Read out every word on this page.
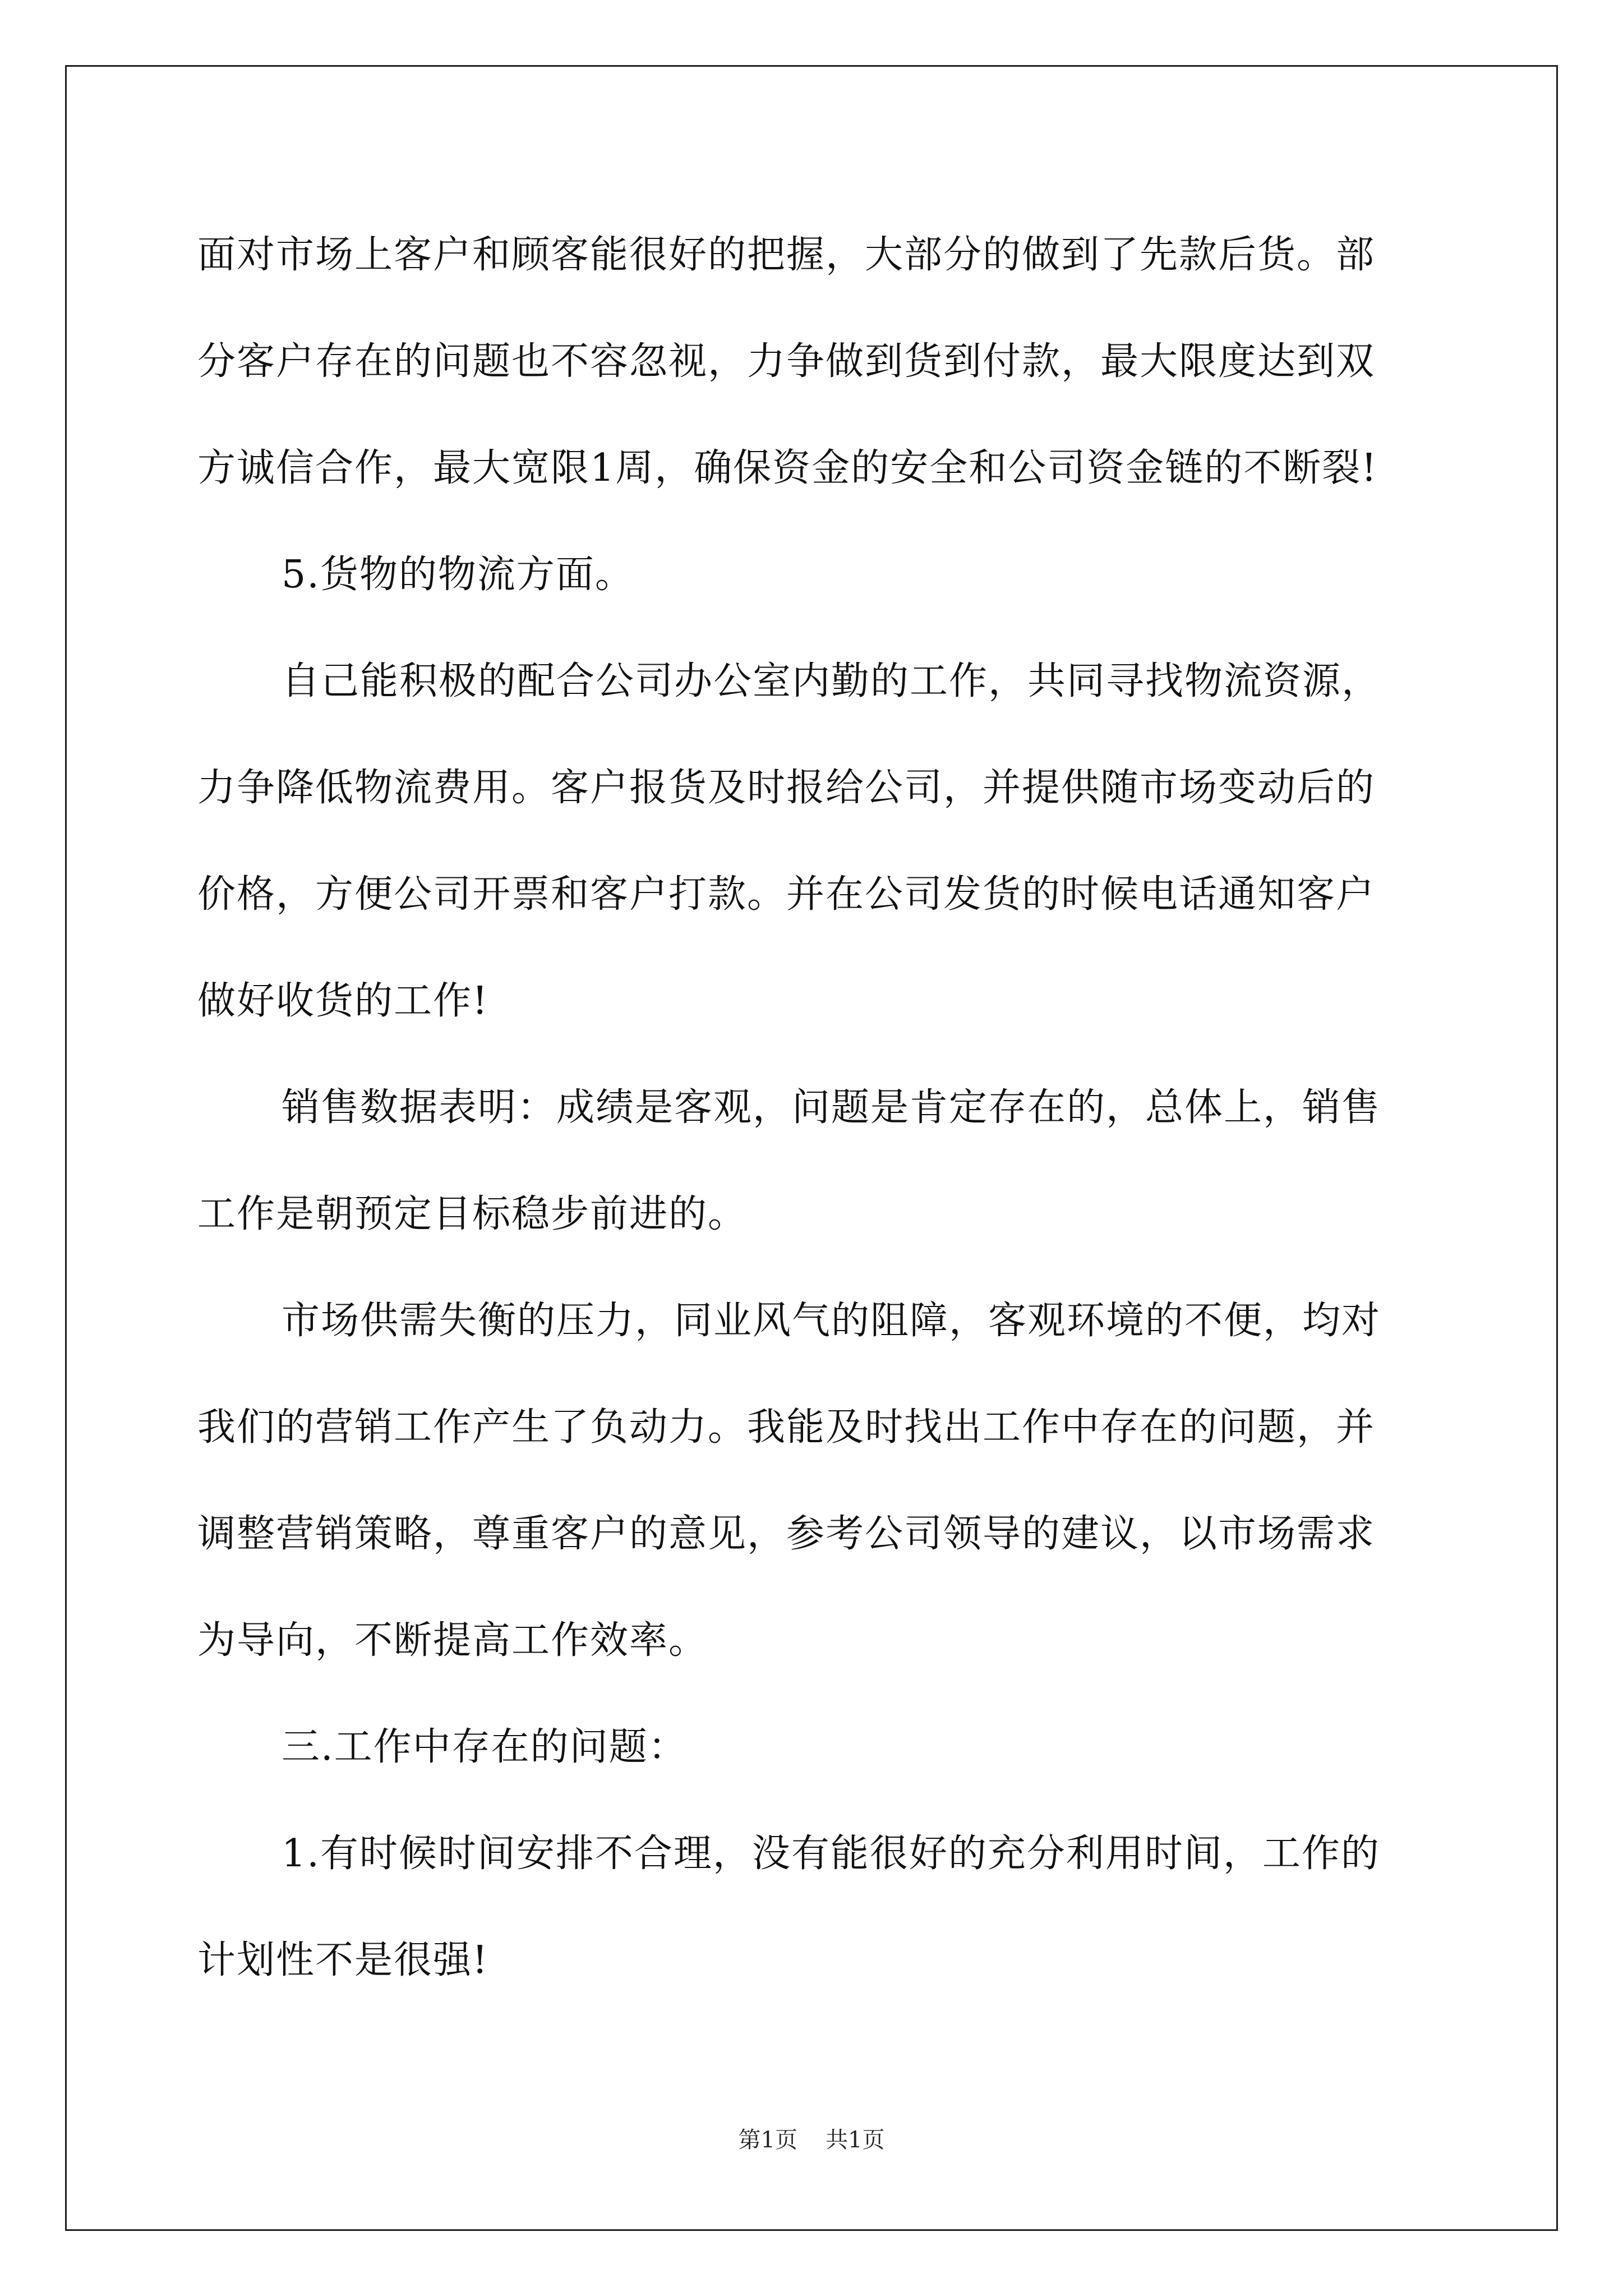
面对市场上客户和顾客能很好的把握，大部分的做到了先款后货。部
分客户存在的问题也不容忽视，力争做到货到付款，最大限度达到双
方诚信合作，最大宽限1周，确保资金的安全和公司资金链的不断裂!
5.货物的物流方面。
自己能积极的配合公司办公室内勤的工作，共同寻找物流资源，
力争降低物流费用。客户报货及时报给公司，并提供随市场变动后的
价格，方便公司开票和客户打款。并在公司发货的时候电话通知客户
做好收货的工作!
销售数据表明：成绩是客观，问题是肯定存在的，总体上，销售
工作是朝预定目标稳步前进的。
市场供需失衡的压力，同业风气的阻障，客观环境的不便，均对
我们的营销工作产生了负动力。我能及时找出工作中存在的问题，并
调整营销策略，尊重客户的意见，参考公司领导的建议，以市场需求
为导向，不断提高工作效率。
三.工作中存在的问题：
1.有时候时间安排不合理，没有能很好的充分利用时间，工作的
计划性不是很强!
第1页 共1页
